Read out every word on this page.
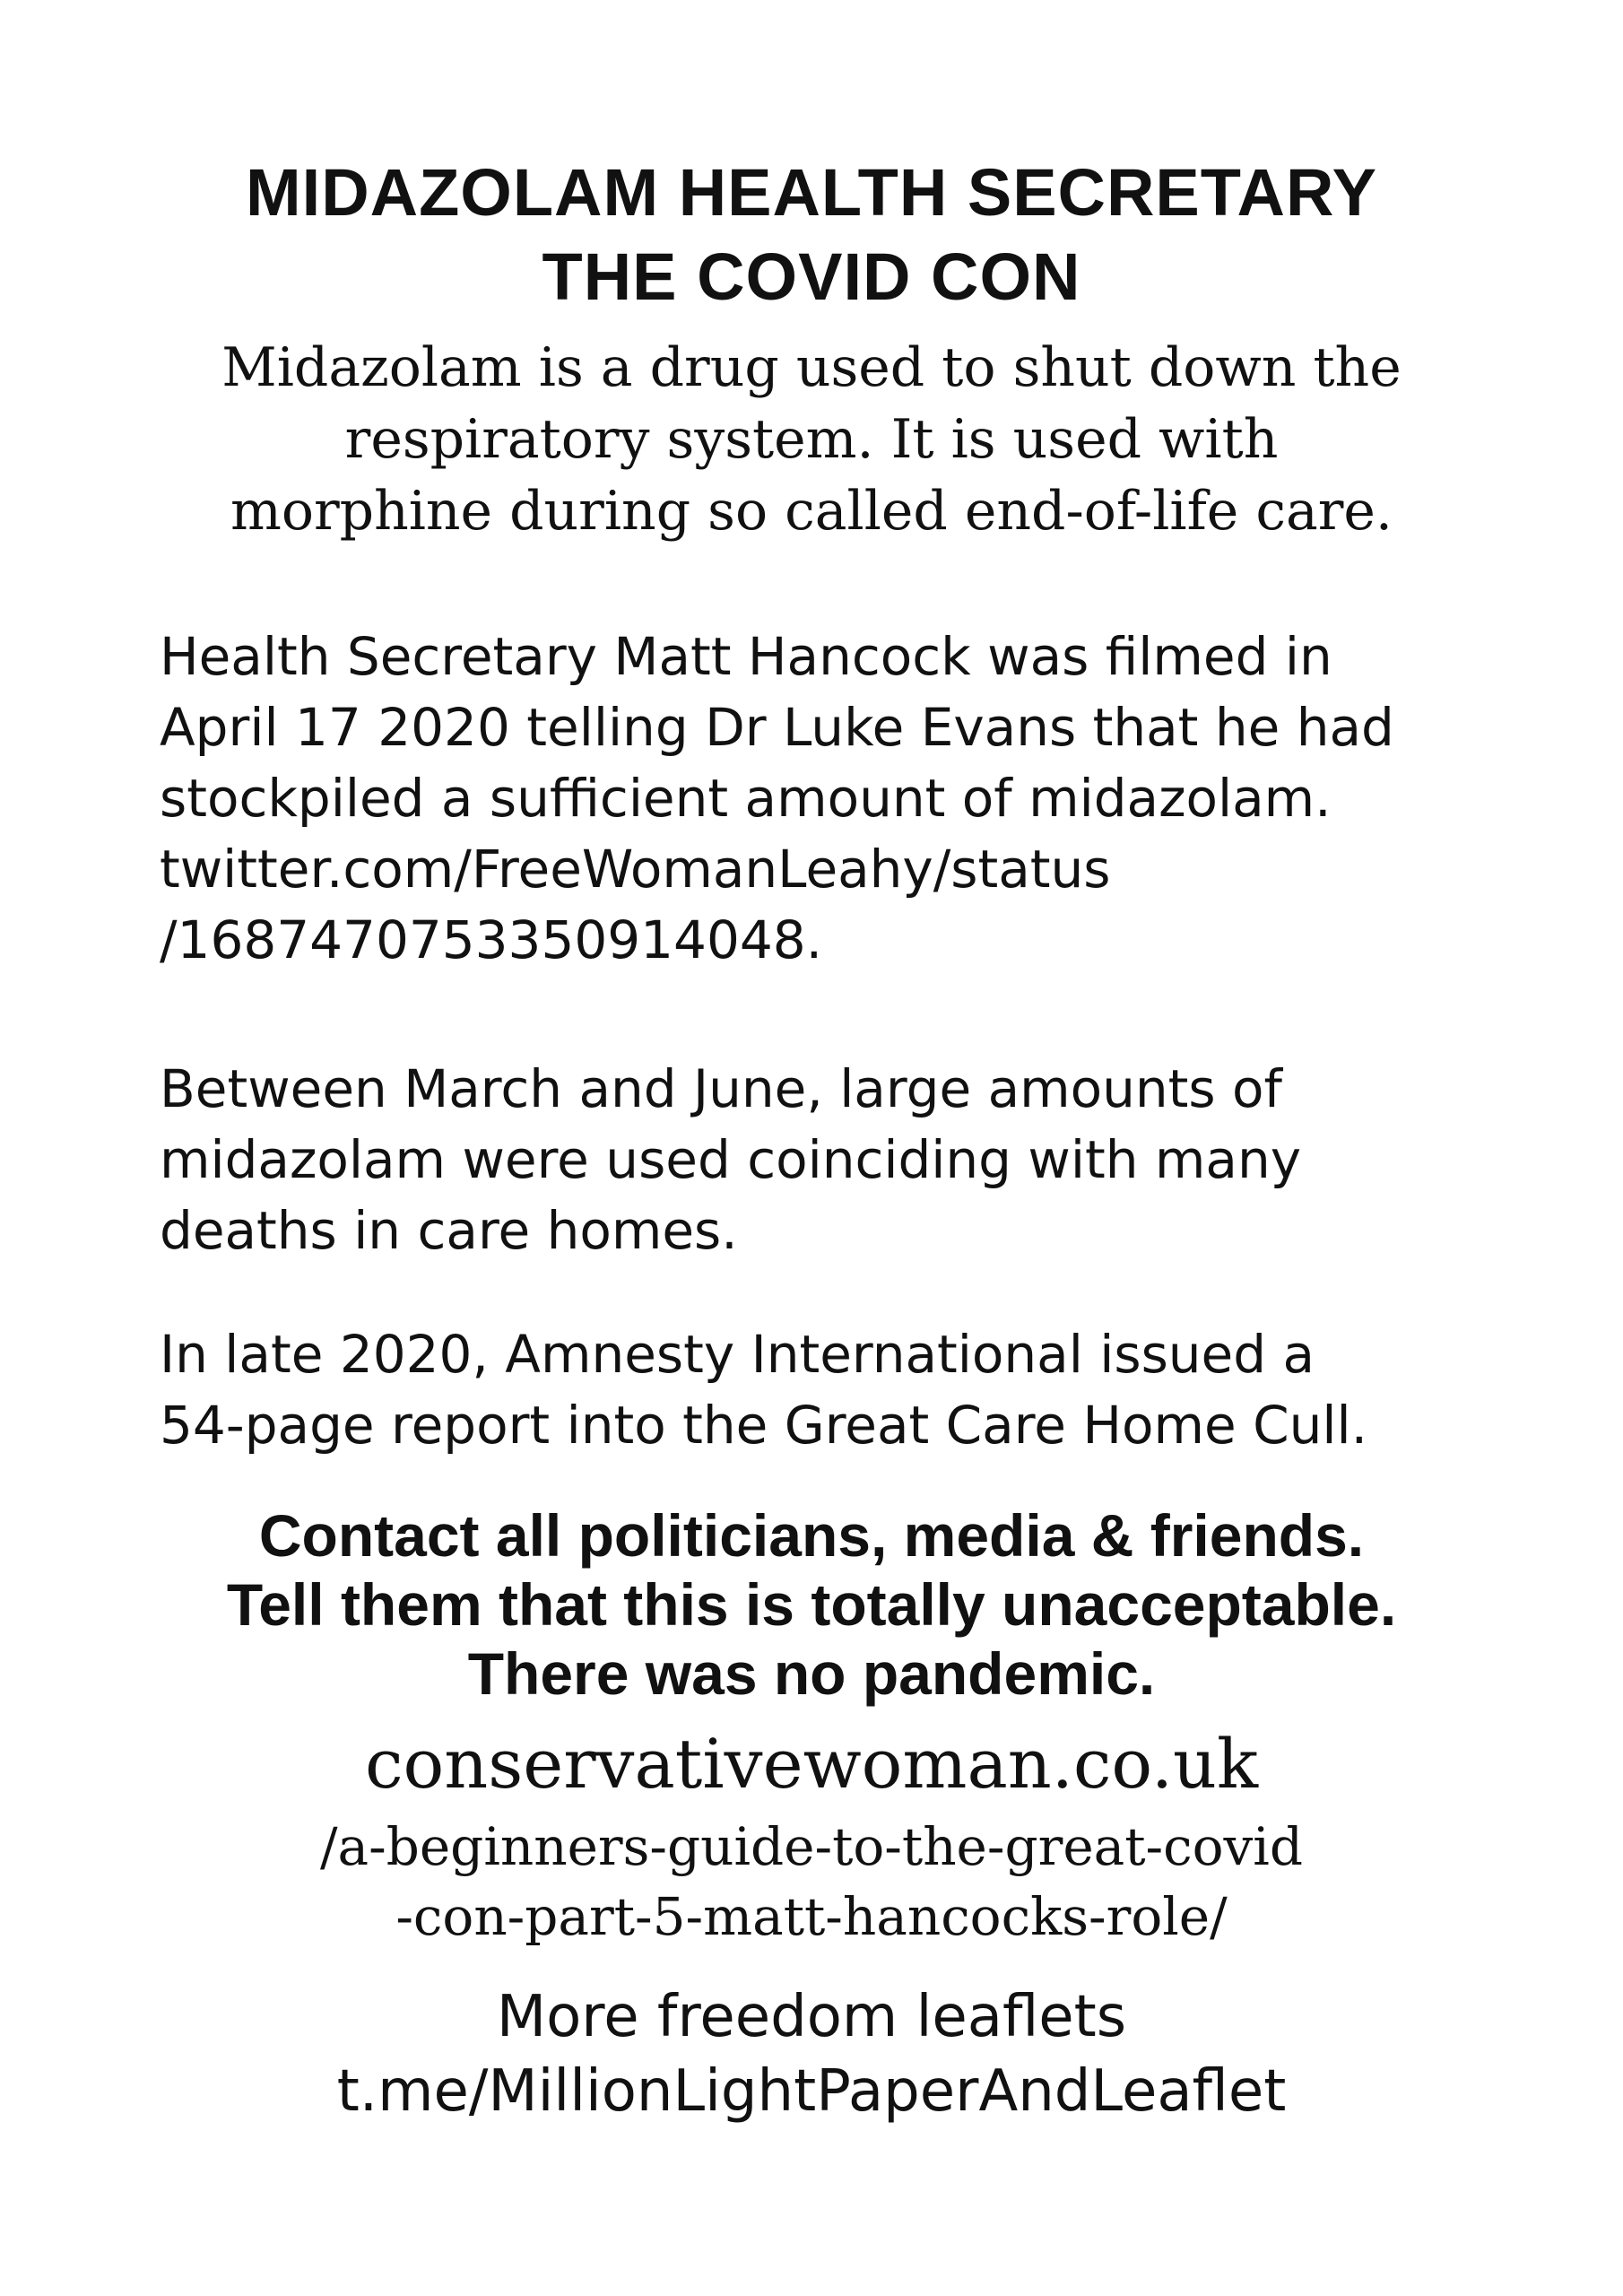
MIDAZOLAM HEALTH SECRETARY
THE COVID CON
Midazolam is a drug used to shut down the
respiratory system. It is used with
morphine during so called end-of-life care.
Health Secretary Matt Hancock was filmed in
April 17 2020 telling Dr Luke Evans that he had
stockpiled a sufficient amount of midazolam.
twitter.com/FreeWomanLeahy/status
/1687470753350914048.
Between March and June, large amounts of
midazolam were used coinciding with many
deaths in care homes.
In late 2020, Amnesty International issued a
54-page report into the Great Care Home Cull.
Contact all politicians, media & friends.
Tell them that this is totally unacceptable.
There was no pandemic.
conservativewoman.co.uk
/a-beginners-guide-to-the-great-covid
-con-part-5-matt-hancocks-role/
More freedom leaflets
t.me/MillionLightPaperAndLeaflet
